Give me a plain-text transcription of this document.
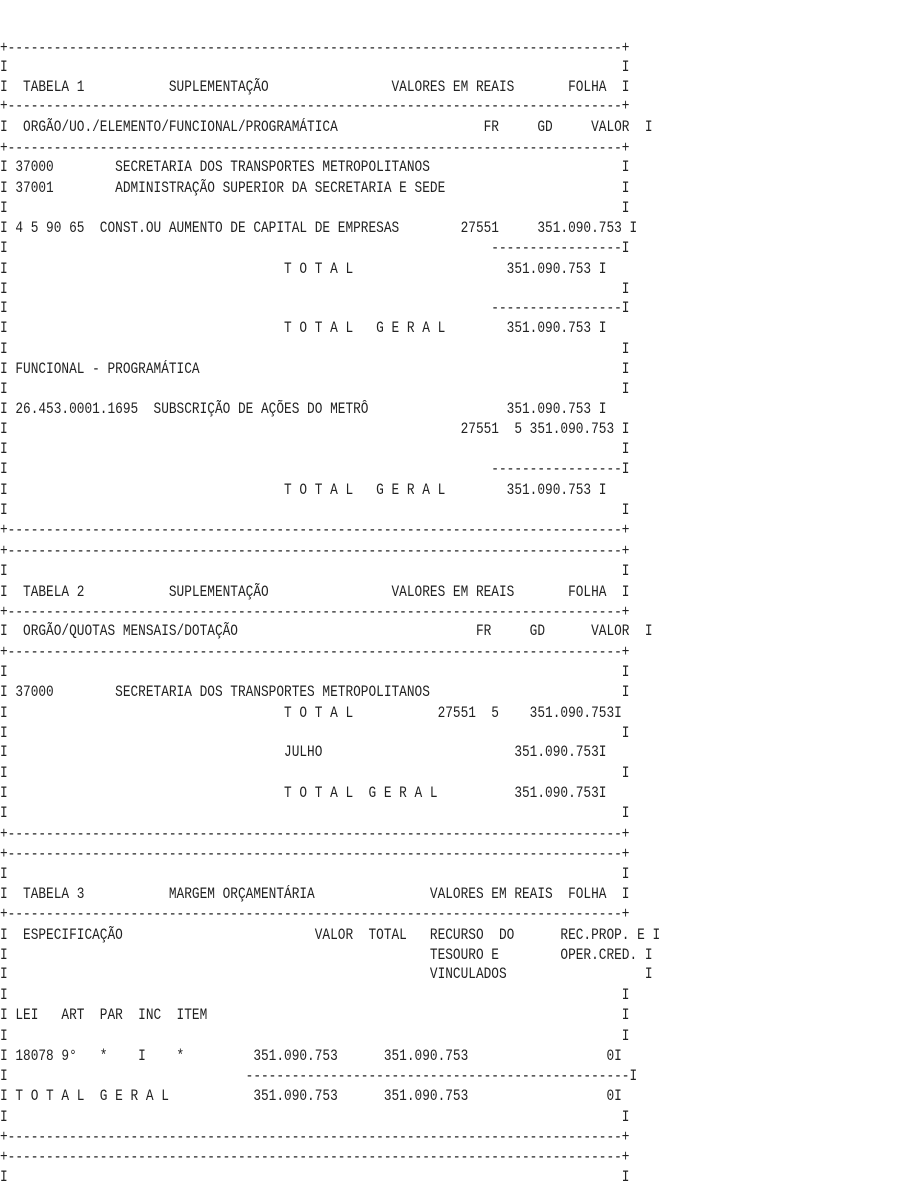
+--------------------------------------------------------------------------------+
I                                                                                I
I  TABELA 1           SUPLEMENTAÇÃO                VALORES EM REAIS       FOLHA  I
+--------------------------------------------------------------------------------+
I  ORGÃO/UO./ELEMENTO/FUNCIONAL/PROGRAMÁTICA                   FR     GD     VALOR  I
+--------------------------------------------------------------------------------+
I 37000        SECRETARIA DOS TRANSPORTES METROPOLITANOS                         I
I 37001        ADMINISTRAÇÃO SUPERIOR DA SECRETARIA E SEDE                       I
I                                                                                I
I 4 5 90 65  CONST.OU AUMENTO DE CAPITAL DE EMPRESAS        27551     351.090.753 I
I                                                               -----------------I
I                                    T O T A L                    351.090.753 I
I                                                                                I
I                                                               -----------------I
I                                    T O T A L   G E R A L        351.090.753 I
I                                                                                I
I FUNCIONAL - PROGRAMÁTICA                                                       I
I                                                                                I
I 26.453.0001.1695  SUBSCRIÇÃO DE AÇÕES DO METRÔ                  351.090.753 I
I                                                           27551  5 351.090.753 I
I                                                                                I
I                                                               -----------------I
I                                    T O T A L   G E R A L        351.090.753 I
I                                                                                I
+--------------------------------------------------------------------------------+
+--------------------------------------------------------------------------------+
I                                                                                I
I  TABELA 2           SUPLEMENTAÇÃO                VALORES EM REAIS       FOLHA  I
+--------------------------------------------------------------------------------+
I  ORGÃO/QUOTAS MENSAIS/DOTAÇÃO                               FR     GD      VALOR  I
+--------------------------------------------------------------------------------+
I                                                                                I
I 37000        SECRETARIA DOS TRANSPORTES METROPOLITANOS                         I
I                                    T O T A L           27551  5    351.090.753I
I                                                                                I
I                                    JULHO                         351.090.753I
I                                                                                I
I                                    T O T A L  G E R A L          351.090.753I
I                                                                                I
+--------------------------------------------------------------------------------+
+--------------------------------------------------------------------------------+
I                                                                                I
I  TABELA 3           MARGEM ORÇAMENTÁRIA               VALORES EM REAIS  FOLHA  I
+--------------------------------------------------------------------------------+
I  ESPECIFICAÇÃO                         VALOR  TOTAL   RECURSO  DO      REC.PROP. E I
I                                                       TESOURO E        OPER.CRED. I
I                                                       VINCULADOS                  I
I                                                                                I
I LEI   ART  PAR  INC  ITEM                                                      I
I                                                                                I
I 18078 9°   *    I    *         351.090.753      351.090.753                  0I
I                               --------------------------------------------------I
I T O T A L  G E R A L           351.090.753      351.090.753                  0I
I                                                                                I
+--------------------------------------------------------------------------------+
+--------------------------------------------------------------------------------+
I                                                                                I
